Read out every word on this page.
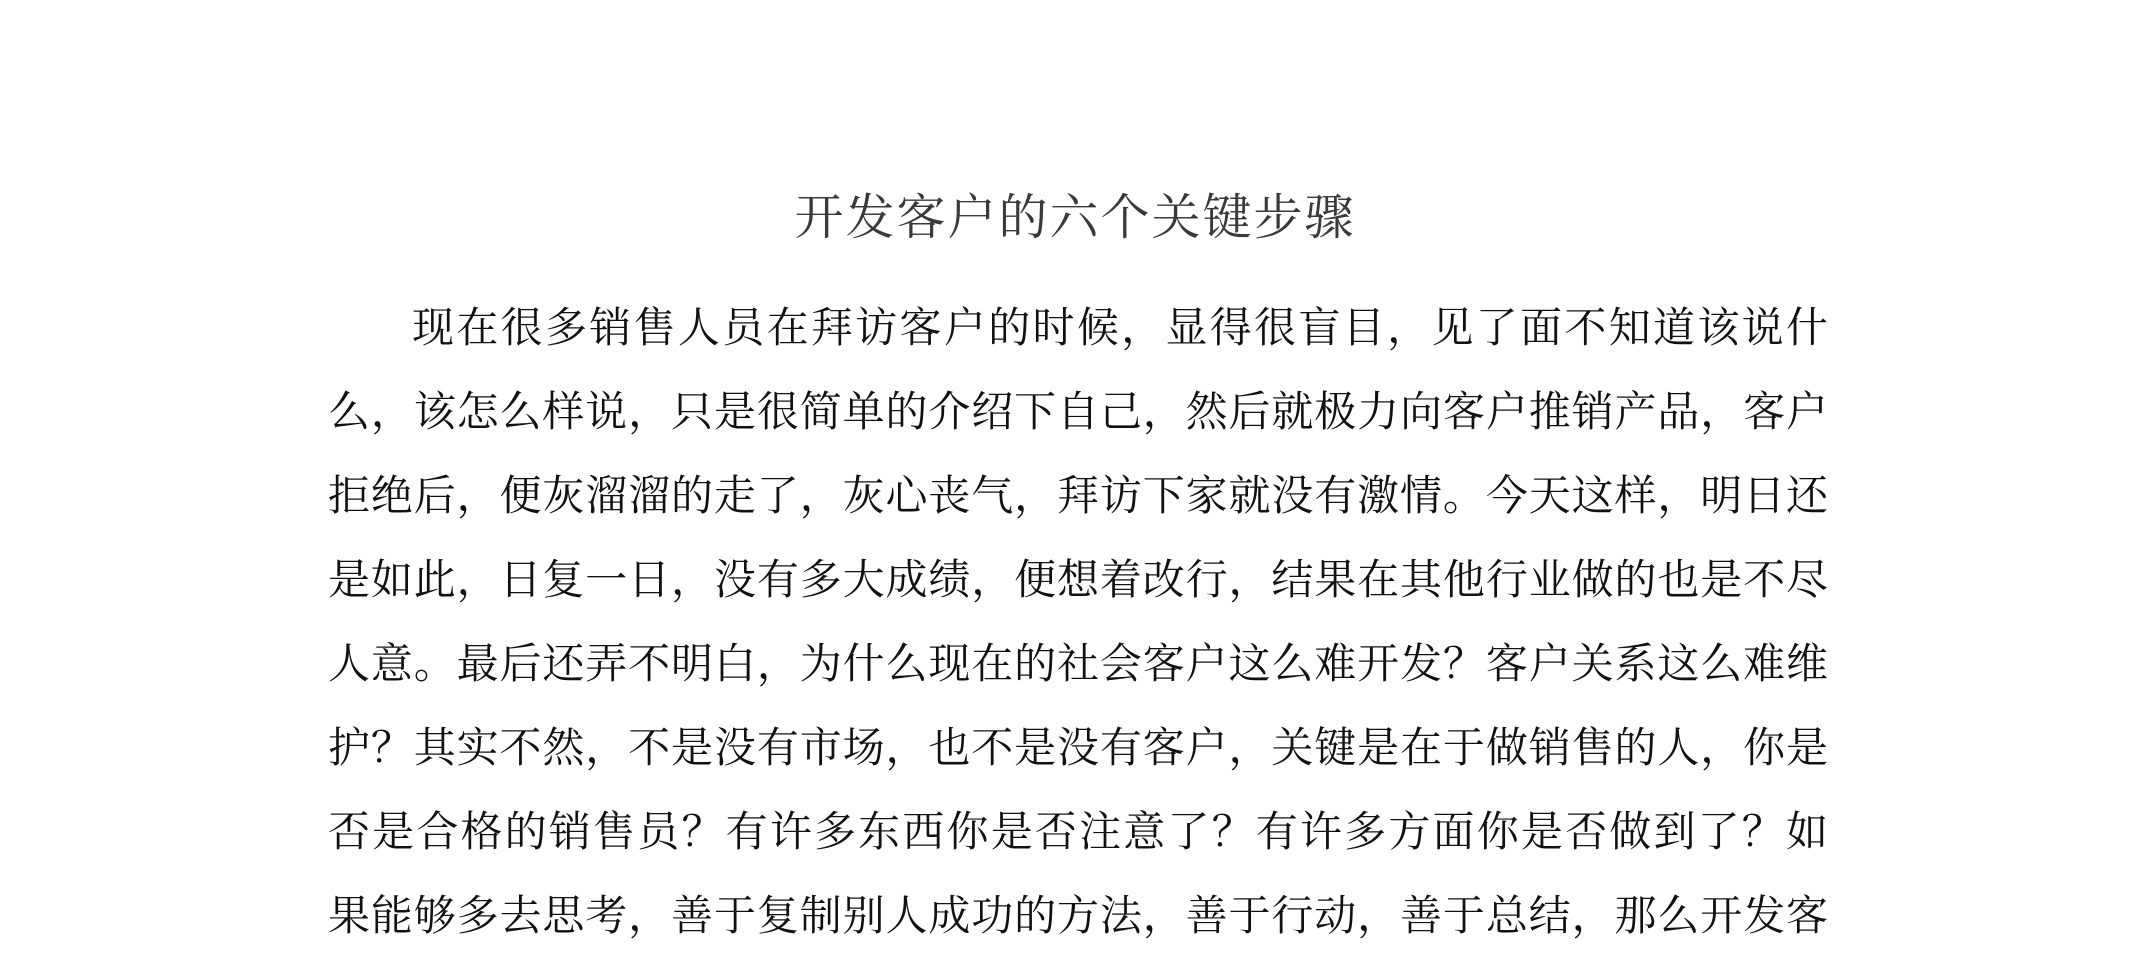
开发客户的六个关键步骤
现在很多销售人员在拜访客户的时候，显得很盲目，见了面不知道该说什
么，该怎么样说，只是很简单的介绍下自己，然后就极力向客户推销产品，客户
拒绝后，便灰溜溜的走了，灰心丧气，拜访下家就没有激情。今天这样，明日还
是如此，日复一日，没有多大成绩，便想着改行，结果在其他行业做的也是不尽
人意。最后还弄不明白，为什么现在的社会客户这么难开发？客户关系这么难维
护？其实不然，不是没有市场，也不是没有客户，关键是在于做销售的人，你是
否是合格的销售员？有许多东西你是否注意了？有许多方面你是否做到了？如
果能够多去思考，善于复制别人成功的方法，善于行动，善于总结，那么开发客
